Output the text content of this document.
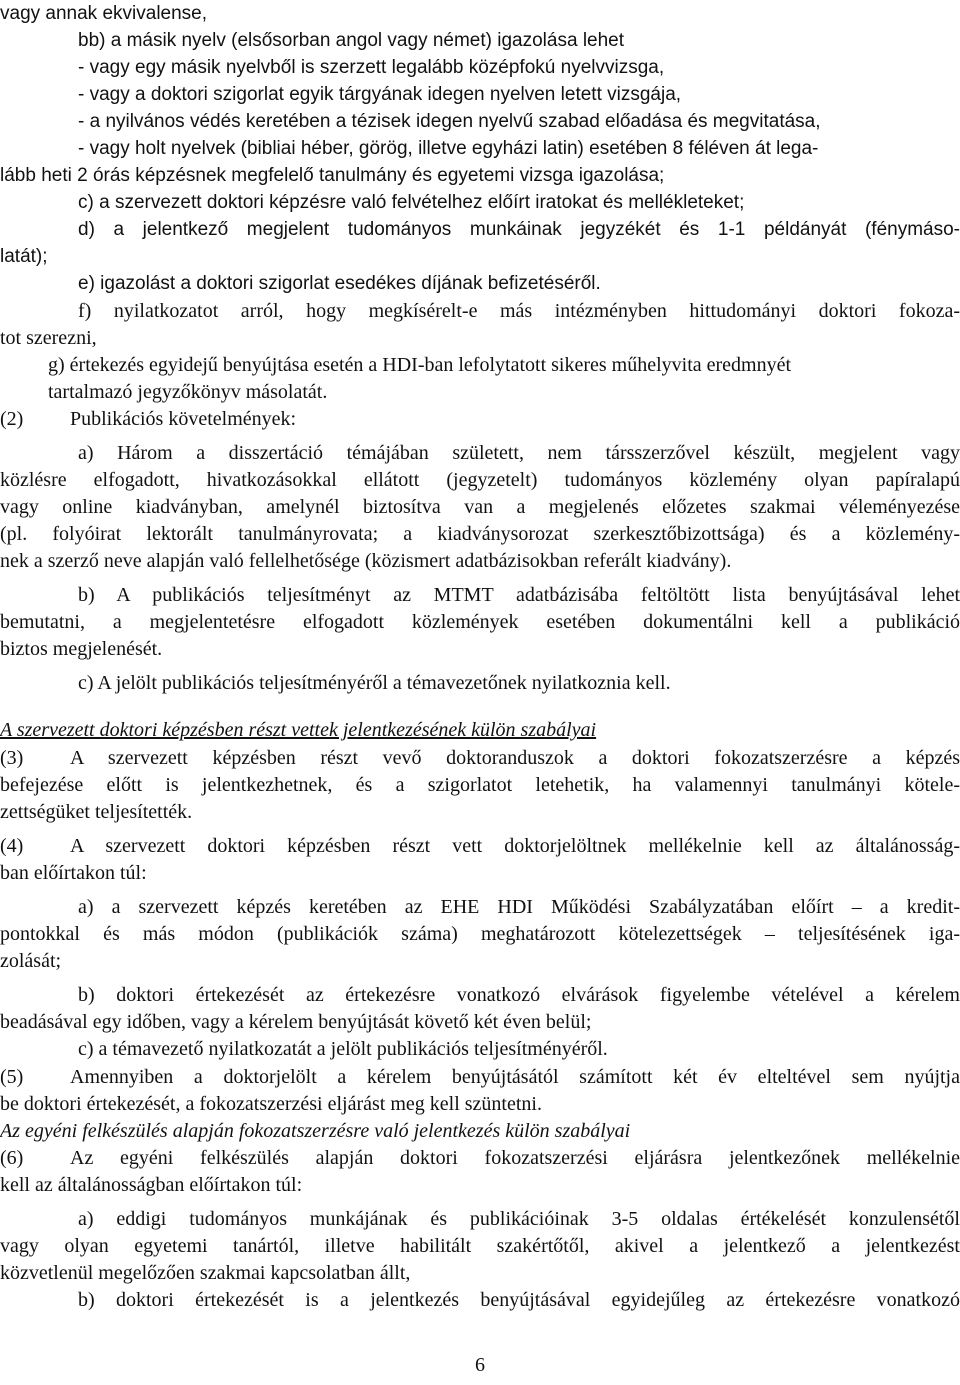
vagy annak ekvivalense,
bb) a másik nyelv (elsősorban angol vagy német) igazolása lehet
- vagy egy másik nyelvből is szerzett legalább középfokú nyelvvizsga,
- vagy a doktori szigorlat egyik tárgyának idegen nyelven letett vizsgája,
- a nyilvános védés keretében a tézisek idegen nyelvű szabad előadása és megvitatása,
- vagy holt nyelvek (bibliai héber, görög, illetve egyházi latin) esetében 8 féléven át lega-
lább heti 2 órás képzésnek megfelelő tanulmány és egyetemi vizsga igazolása;
c) a szervezett doktori képzésre való felvételhez előírt iratokat és mellékleteket;
d) a jelentkező megjelent tudományos munkáinak jegyzékét és 1-1 példányát (fénymáso-
latát);
e) igazolást a doktori szigorlat esedékes díjának befizetéséről.
f) nyilatkozatot arról, hogy megkísérelt-e más intézményben hittudományi doktori fokoza-
tot szerezni,
g) értekezés egyidejű benyújtása esetén a HDI-ban lefolytatott sikeres műhelyvita eredmnyét
tartalmazó jegyzőkönyv másolatát.
(2) Publikációs követelmények:
a) Három a disszertáció témájában született, nem társszerzővel készült, megjelent vagy
közlésre elfogadott, hivatkozásokkal ellátott (jegyzetelt) tudományos közlemény olyan papíralapú
vagy online kiadványban, amelynél biztosítva van a megjelenés előzetes szakmai véleményezése
(pl. folyóirat lektorált tanulmányrovata; a kiadványsorozat szerkesztőbizottsága) és a közlemény-
nek a szerző neve alapján való fellelhetősége (közismert adatbázisokban referált kiadvány).
b) A publikációs teljesítményt az MTMT adatbázisába feltöltött lista benyújtásával lehet
bemutatni, a megjelentetésre elfogadott közlemények esetében dokumentálni kell a publikáció
biztos megjelenését.
c) A jelölt publikációs teljesítményéről a témavezetőnek nyilatkoznia kell.
A szervezett doktori képzésben részt vettek jelentkezésének külön szabályai
(3) A szervezett képzésben részt vevő doktoranduszok a doktori fokozatszerzésre a képzés
befejezése előtt is jelentkezhetnek, és a szigorlatot letehetik, ha valamennyi tanulmányi kötele-
zettségüket teljesítették.
(4) A szervezett doktori képzésben részt vett doktorjelöltnek mellékelnie kell az általánosság-
ban előírtakon túl:
a) a szervezett képzés keretében az EHE HDI Működési Szabályzatában előírt – a kredit-
pontokkal és más módon (publikációk száma) meghatározott kötelezettségek – teljesítésének iga-
zolását;
b) doktori értekezését az értekezésre vonatkozó elvárások figyelembe vételével a kérelem
beadásával egy időben, vagy a kérelem benyújtását követő két éven belül;
c) a témavezető nyilatkozatát a jelölt publikációs teljesítményéről.
(5) Amennyiben a doktorjelölt a kérelem benyújtásától számított két év elteltével sem nyújtja
be doktori értekezését, a fokozatszerzési eljárást meg kell szüntetni.
Az egyéni felkészülés alapján fokozatszerzésre való jelentkezés külön szabályai
(6) Az egyéni felkészülés alapján doktori fokozatszerzési eljárásra jelentkezőnek mellékelnie
kell az általánosságban előírtakon túl:
a) eddigi tudományos munkájának és publikációinak 3-5 oldalas értékelését konzulensétől
vagy olyan egyetemi tanártól, illetve habilitált szakértőtől, akivel a jelentkező a jelentkezést
közvetlenül megelőzően szakmai kapcsolatban állt,
b) doktori értekezését is a jelentkezés benyújtásával egyidejűleg az értekezésre vonatkozó
6
